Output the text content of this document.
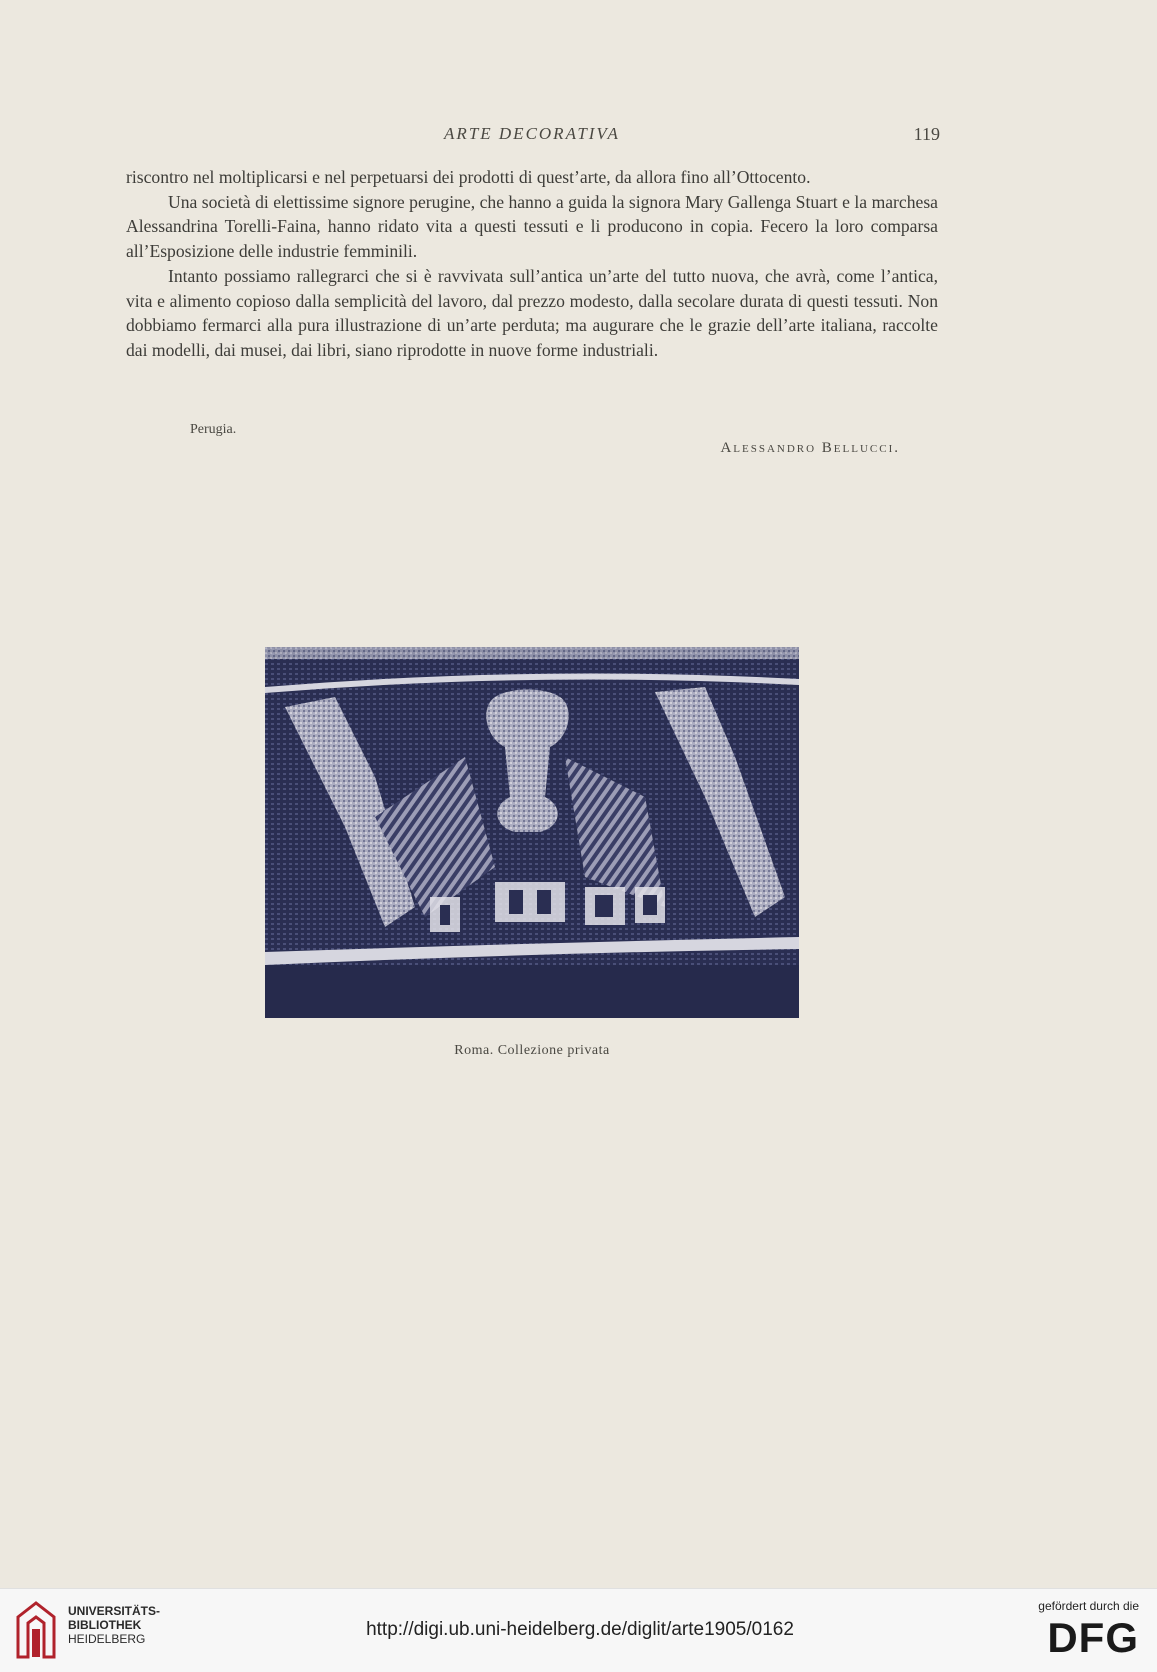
ARTE DECORATIVA	119

riscontro nel moltiplicarsi e nel perpetuarsi dei prodotti di quest’arte, da allora fino all’Ottocento.

Una società di elettissime signore perugine, che hanno a guida la signora Mary Gallenga Stuart e la marchesa Alessandrina Torelli-Faina, hanno ridato vita a questi tessuti e li producono in copia. Fecero la loro comparsa all’Esposizione delle industrie femminili.

Intanto possiamo rallegrarci che si è ravvivata sull’antica un’arte del tutto nuova, che avrà, come l’antica, vita e alimento copioso dalla semplicità del lavoro, dal prezzo modesto, dalla secolare durata di questi tessuti. Non dobbiamo fermarci alla pura illustrazione di un’arte perduta; ma augurare che le grazie dell’arte italiana, raccolte dai modelli, dai musei, dai libri, siano riprodotte in nuove forme industriali.

Perugia.
Alessandro Bellucci.
Roma. Collezione privata
UNIVERSITÄTS-
BIBLIOTHEK
HEIDELBERG	http://digi.ub.uni-heidelberg.de/diglit/arte1905/0162
gefördert durch die
DFG
